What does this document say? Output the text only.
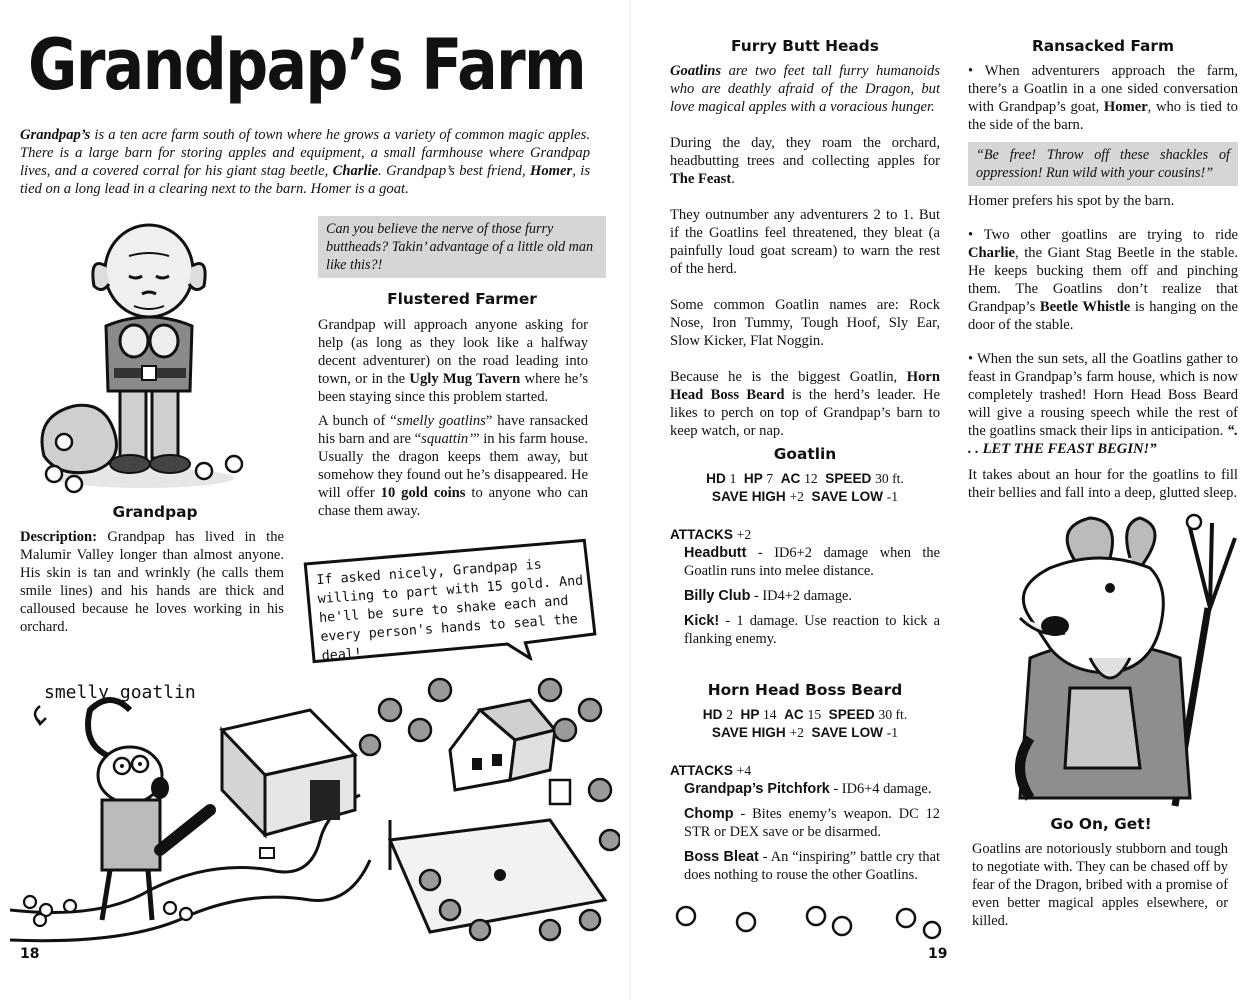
Grandpap’s Farm

Grandpap’s is a ten acre farm south of town where he grows a variety of common magic apples. There is a large barn for storing apples and equipment, a small farmhouse where Grandpap lives, and a covered corral for his giant stag beetle, Charlie. Grandpap’s best friend, Homer, is tied on a long lead in a clearing next to the barn. Homer is a goat.

Grandpap

Description: Grandpap has lived in the Malumir Valley longer than almost anyone. His skin is tan and wrinkly (he calls them smile lines) and his hands are thick and calloused because he loves working in his orchard.

Can you believe the nerve of those furry buttheads? Takin’ advantage of a little old man like this?!

Flustered Farmer

Grandpap will approach anyone asking for help (as long as they look like a halfway decent adventurer) on the road leading into town, or in the Ugly Mug Tavern where he’s been staying since this problem started.

A bunch of “smelly goatlins” have ransacked his barn and are “squattin’” in his farm house. Usually the dragon keeps them away, but somehow they found out he’s disappeared. He will offer 10 gold coins to anyone who can chase them away.

If asked nicely, Grandpap is willing to part with 15 gold. And he'll be sure to shake each and every person's hands to seal the deal!
smelly goatlin
18
Furry Butt Heads

Goatlins are two feet tall furry humanoids who are deathly afraid of the Dragon, but love magical apples with a voracious hunger.

During the day, they roam the orchard, headbutting trees and collecting apples for The Feast.

They outnumber any adventurers 2 to 1. But if the Goatlins feel threatened, they bleat (a painfully loud goat scream) to warn the rest of the herd.

Some common Goatlin names are: Rock Nose, Iron Tummy, Tough Hoof, Sly Ear, Slow Kicker, Flat Noggin.

Because he is the biggest Goatlin, Horn Head Boss Beard is the herd’s leader. He likes to perch on top of Grandpap’s barn to keep watch, or nap.

Goatlin

HD 1  HP 7  AC 12  SPEED 30 ft.

SAVE HIGH +2  SAVE LOW -1

ATTACKS +2

Headbutt - ID6+2 damage when the Goatlin runs into melee distance.

Billy Club - ID4+2 damage.

Kick! - 1 damage. Use reaction to kick a flanking enemy.

Horn Head Boss Beard

HD 2  HP 14  AC 15  SPEED 30 ft.

SAVE HIGH +2  SAVE LOW -1

ATTACKS +4

Grandpap’s Pitchfork - ID6+4 damage.

Chomp - Bites enemy’s weapon. DC 12 STR or DEX save or be disarmed.

Boss Bleat - An “inspiring” battle cry that does nothing to rouse the other Goatlins.

Ransacked Farm

• When adventurers approach the farm, there’s a Goatlin in a one sided conversation with Grandpap’s goat, Homer, who is tied to the side of the barn.

“Be free! Throw off these shackles of oppression! Run wild with your cousins!”

Homer prefers his spot by the barn.

• Two other goatlins are trying to ride Charlie, the Giant Stag Beetle in the stable. He keeps bucking them off and pinching them. The Goatlins don’t realize that Grandpap’s Beetle Whistle is hanging on the door of the stable.

• When the sun sets, all the Goatlins gather to feast in Grandpap’s farm house, which is now completely trashed! Horn Head Boss Beard will give a rousing speech while the rest of the goatlins smack their lips in anticipation. “. . . LET THE FEAST BEGIN!”

It takes about an hour for the goatlins to fill their bellies and fall into a deep, glutted sleep.

Go On, Get!

Goatlins are notoriously stubborn and tough to negotiate with. They can be chased off by fear of the Dragon, bribed with a promise of even better magical apples elsewhere, or killed.

19
